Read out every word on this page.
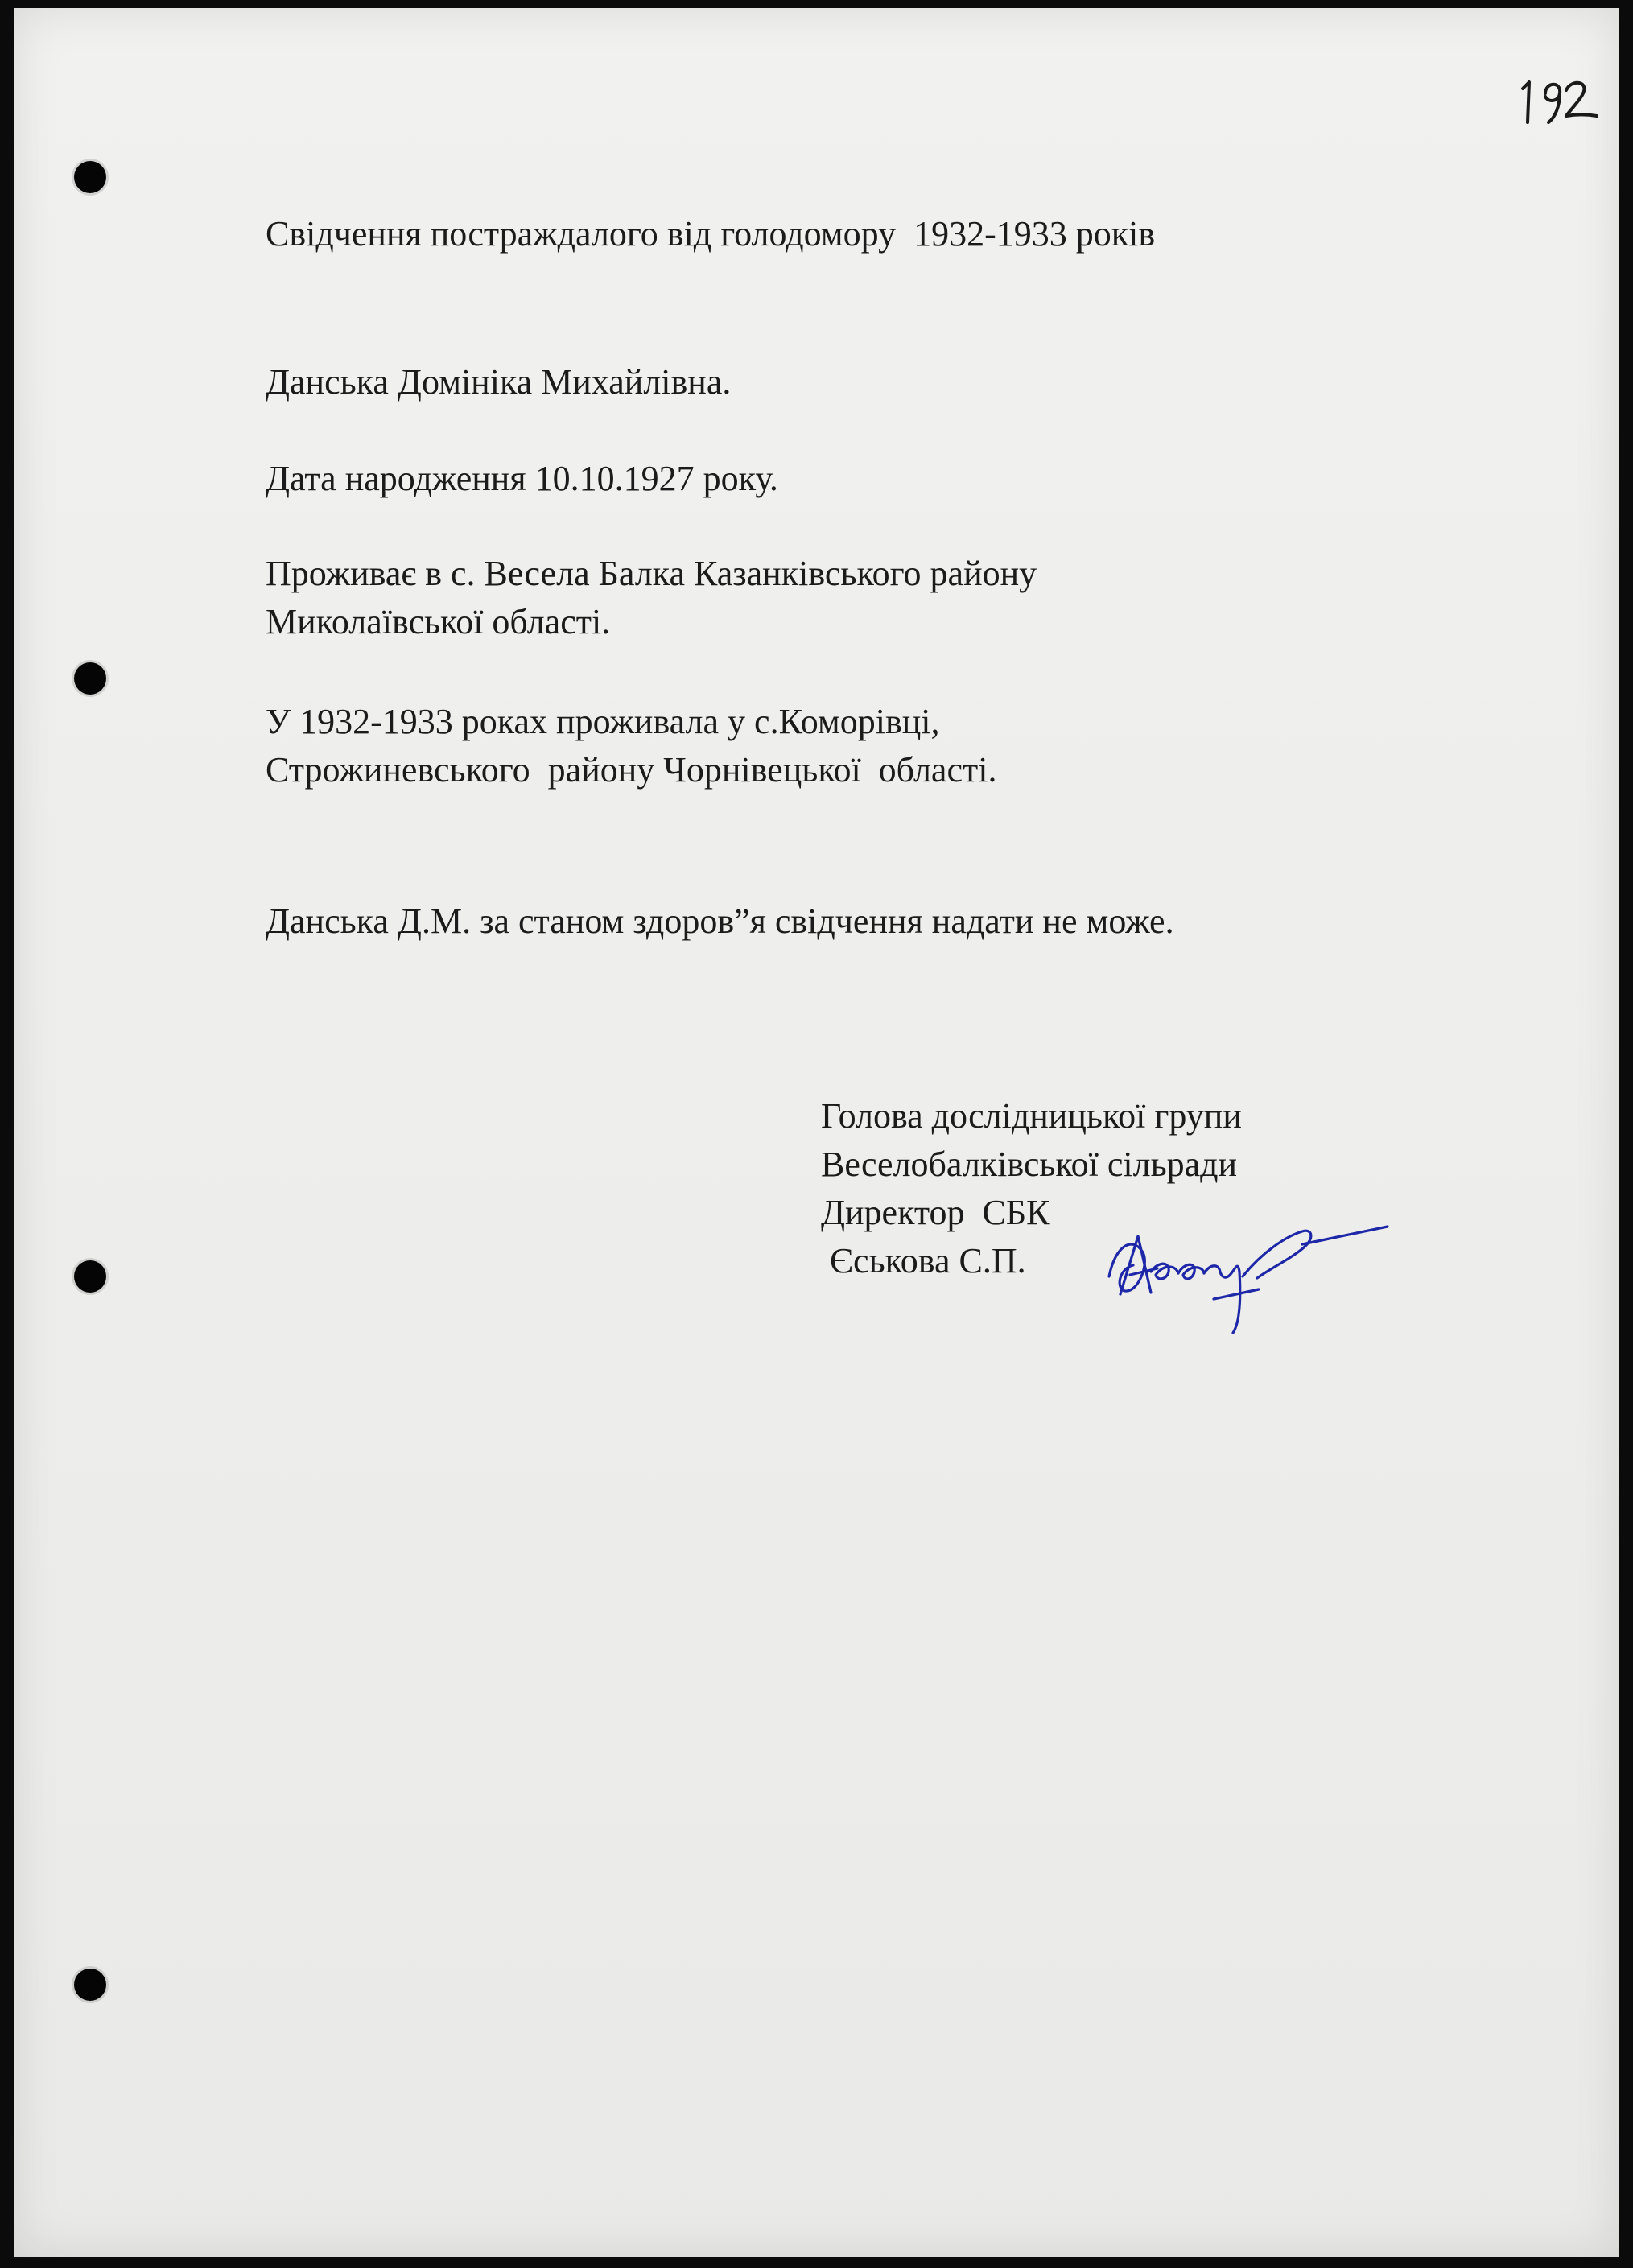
Свідчення постраждалого від голодомору  1932-1933 років

Данська Домініка Михайлівна.

Дата народження 10.10.1927 року.

Проживає в с. Весела Балка Казанківського району

Миколаївської області.

У 1932-1933 роках проживала у с.Коморівці,

Строжиневського  району Чорнівецької  області.

Данська Д.М. за станом здоров”я свідчення надати не може.

Голова дослідницької групи

Веселобалківської сільради

Директор  СБК

Єськова С.П.
